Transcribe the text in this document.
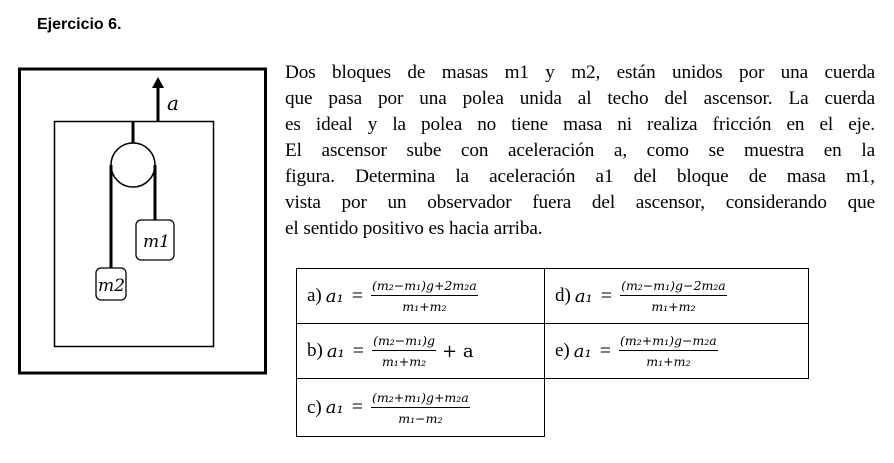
Ejercicio 6.
a
m1
m2
Dos bloques de masas m1 y m2, están unidos por una cuerda
que pasa por una polea unida al techo del ascensor. La cuerda
es ideal y la polea no tiene masa ni realiza fricción en el eje.
El ascensor sube con aceleración a, como se muestra en la
figura. Determina la aceleración a1 del bloque de masa m1,
vista por un observador fuera del ascensor, considerando que
el sentido positivo es hacia arriba.
a) $a_1 = \frac{\text{(m₂−m₁)g+2m₂a}}{\text{m₁+m₂}}$	d) $a_1 = \frac{\text{(m₂−m₁)g−2m₂a}}{\text{m₁+m₂}}$
b) $a_1 = \frac{\text{(m₂−m₁)g}}{\text{m₁+m₂}} + a$	e) $a_1 = \frac{\text{(m₂+m₁)g−m₂a}}{\text{m₁+m₂}}$
c) $a_1 = \frac{\text{(m₂+m₁)g+m₂a}}{\text{m₁−m₂}}$
